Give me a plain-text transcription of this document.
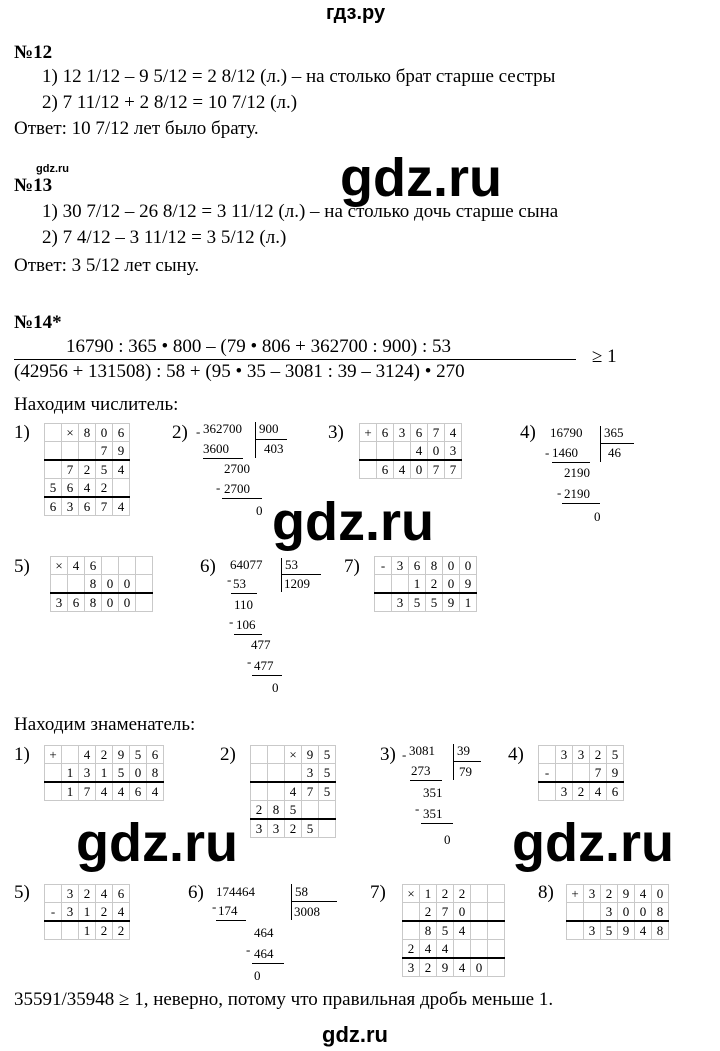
гдз.ру
№12
1) 12 1/12 – 9 5/12 = 2 8/12 (л.) – на столько брат старше сестры
2) 7 11/12 + 2 8/12 = 10 7/12 (л.)
Ответ: 10 7/12 лет было брату.
gdz.ru	gdz.ru
№13
1) 30 7/12 – 26 8/12 = 3 11/12 (л.) – на столько дочь старше сына
2) 7 4/12 – 3 11/12 = 3 5/12 (л.)
Ответ: 3 5/12 лет сыну.
№14*
16790 : 365 • 800 – (79 • 806 + 362700 : 900) : 53
(42956 + 131508) : 58 + (95 • 35 – 3081 : 39 – 3124) • 270
≥ 1
Находим числитель:
1)
		×	8	0	6
			7	9
	7	2	5	4
5	6	4	2	
6	3	6	7	4
2) - 362700 900
403
3600
2700
- 2700
0
3) +	6	3	6	7	4
			4	0	3
	6	4	0	7	7
4) 16790 365
46
- 1460
2190
- 2190
0
gdz.ru
5) ×	4	6			
		8	0	0	
3	6	8	0	0	
6) 64077 53
1209
- 53
110
- 106
477
- 477
0
7) -	3	6	8	0	0
		1	2	0	9
	3	5	5	9	1
Находим знаменатель:
1) +		4	2	9	5	6
	1	3	1	5	0	8
	1	7	4	4	6	4
2)
			×	9	5
			3	5
		4	7	5
2	8	5		
3	3	2	5	
3) - 3081 39
79
273
351
- 351
0
4)
		3	3	2	5
-			7	9
	3	2	4	6
gdz.ru	gdz.ru
5)
		3	2	4	6
-	3	1	2	4
		1	2	2
6) 174464	58
3008
- 174
464
- 464
0
7) ×	1	2	2		
	2	7	0		
	8	5	4		
2	4	4			
3	2	9	4	0	
8) +	3	2	9	4	0
		3	0	0	8
	3	5	9	4	8
35591/35948 ≥ 1, неверно, потому что правильная дробь меньше 1.
gdz.ru
